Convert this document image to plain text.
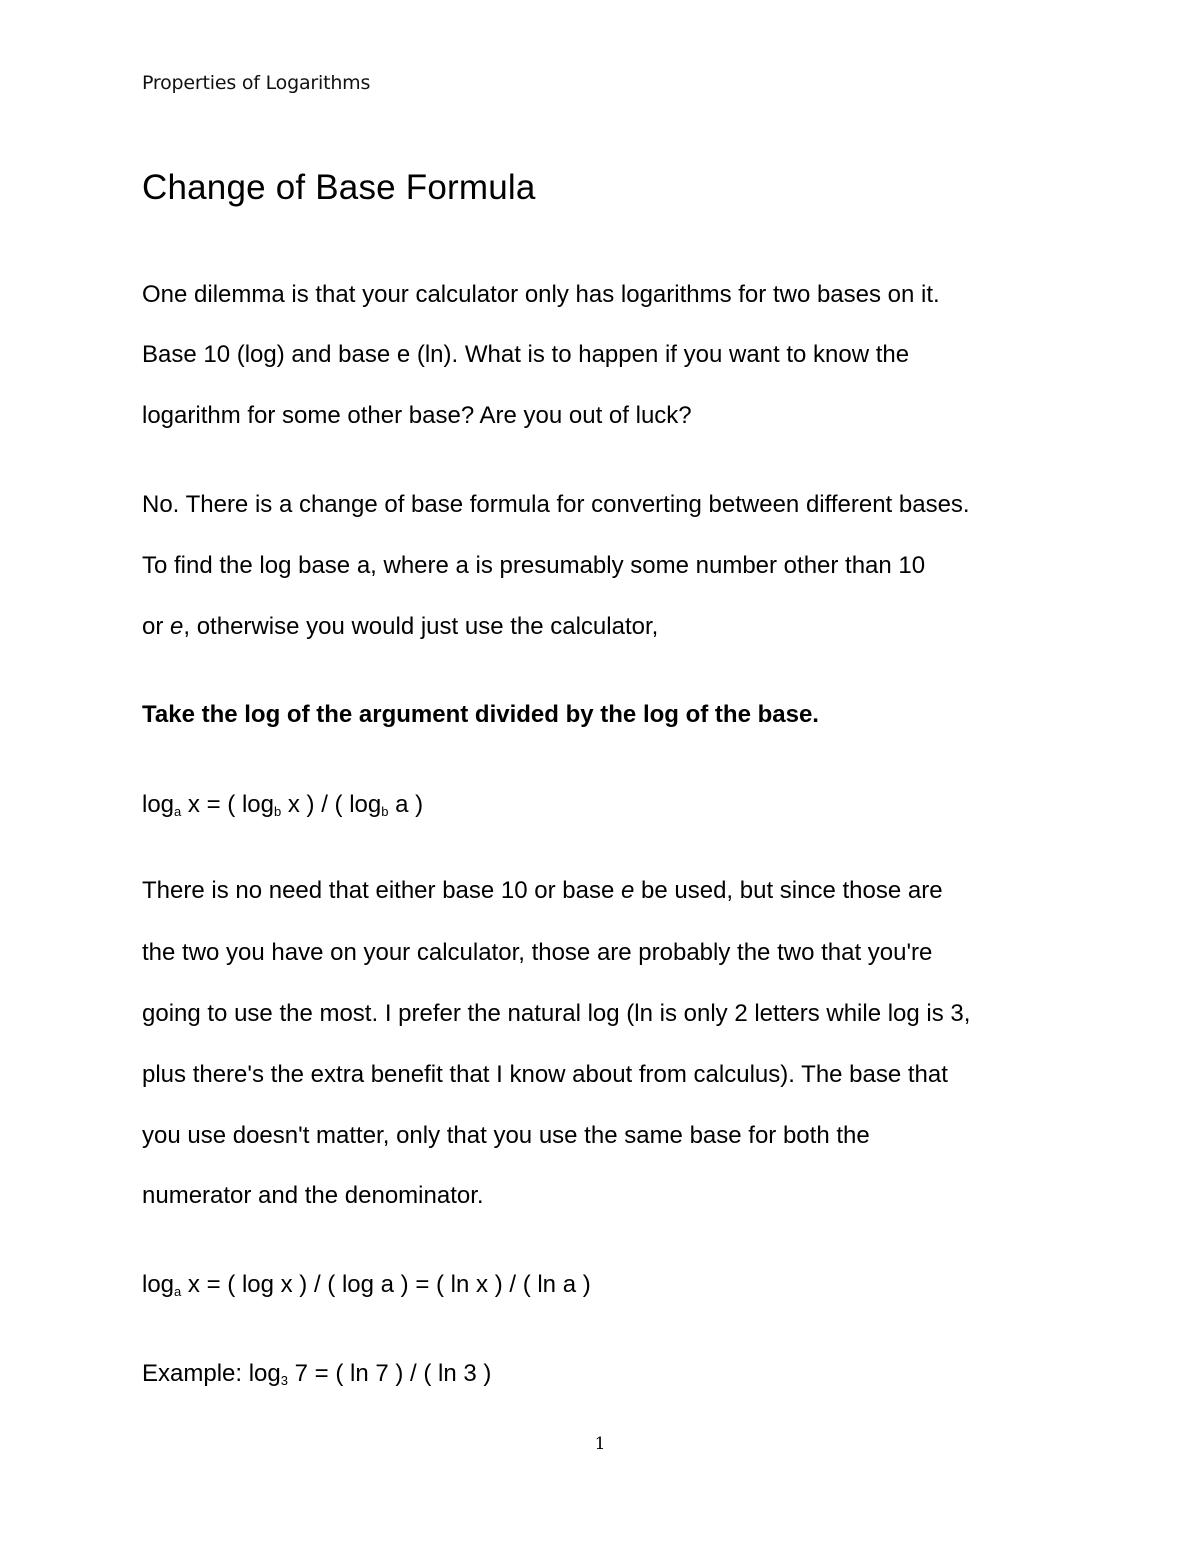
Properties of Logarithms
Change of Base Formula
One dilemma is that your calculator only has logarithms for two bases on it.
Base 10 (log) and base e (ln). What is to happen if you want to know the
logarithm for some other base? Are you out of luck?
No. There is a change of base formula for converting between different bases.
To find the log base a, where a is presumably some number other than 10
or e, otherwise you would just use the calculator,
Take the log of the argument divided by the log of the base.
$\log_a x$ = ( $\log_b x$ ) / ( $\log_b a$ )
There is no need that either base 10 or base e be used, but since those are
the two you have on your calculator, those are probably the two that you're
going to use the most. I prefer the natural log (ln is only 2 letters while log is 3,
plus there's the extra benefit that I know about from calculus). The base that
you use doesn't matter, only that you use the same base for both the
numerator and the denominator.
$\log_a x$ = ( log x ) / ( log a ) = ( ln x ) / ( ln a )
Example: $\log_3 7$ = ( ln 7 ) / ( ln 3 )
1
